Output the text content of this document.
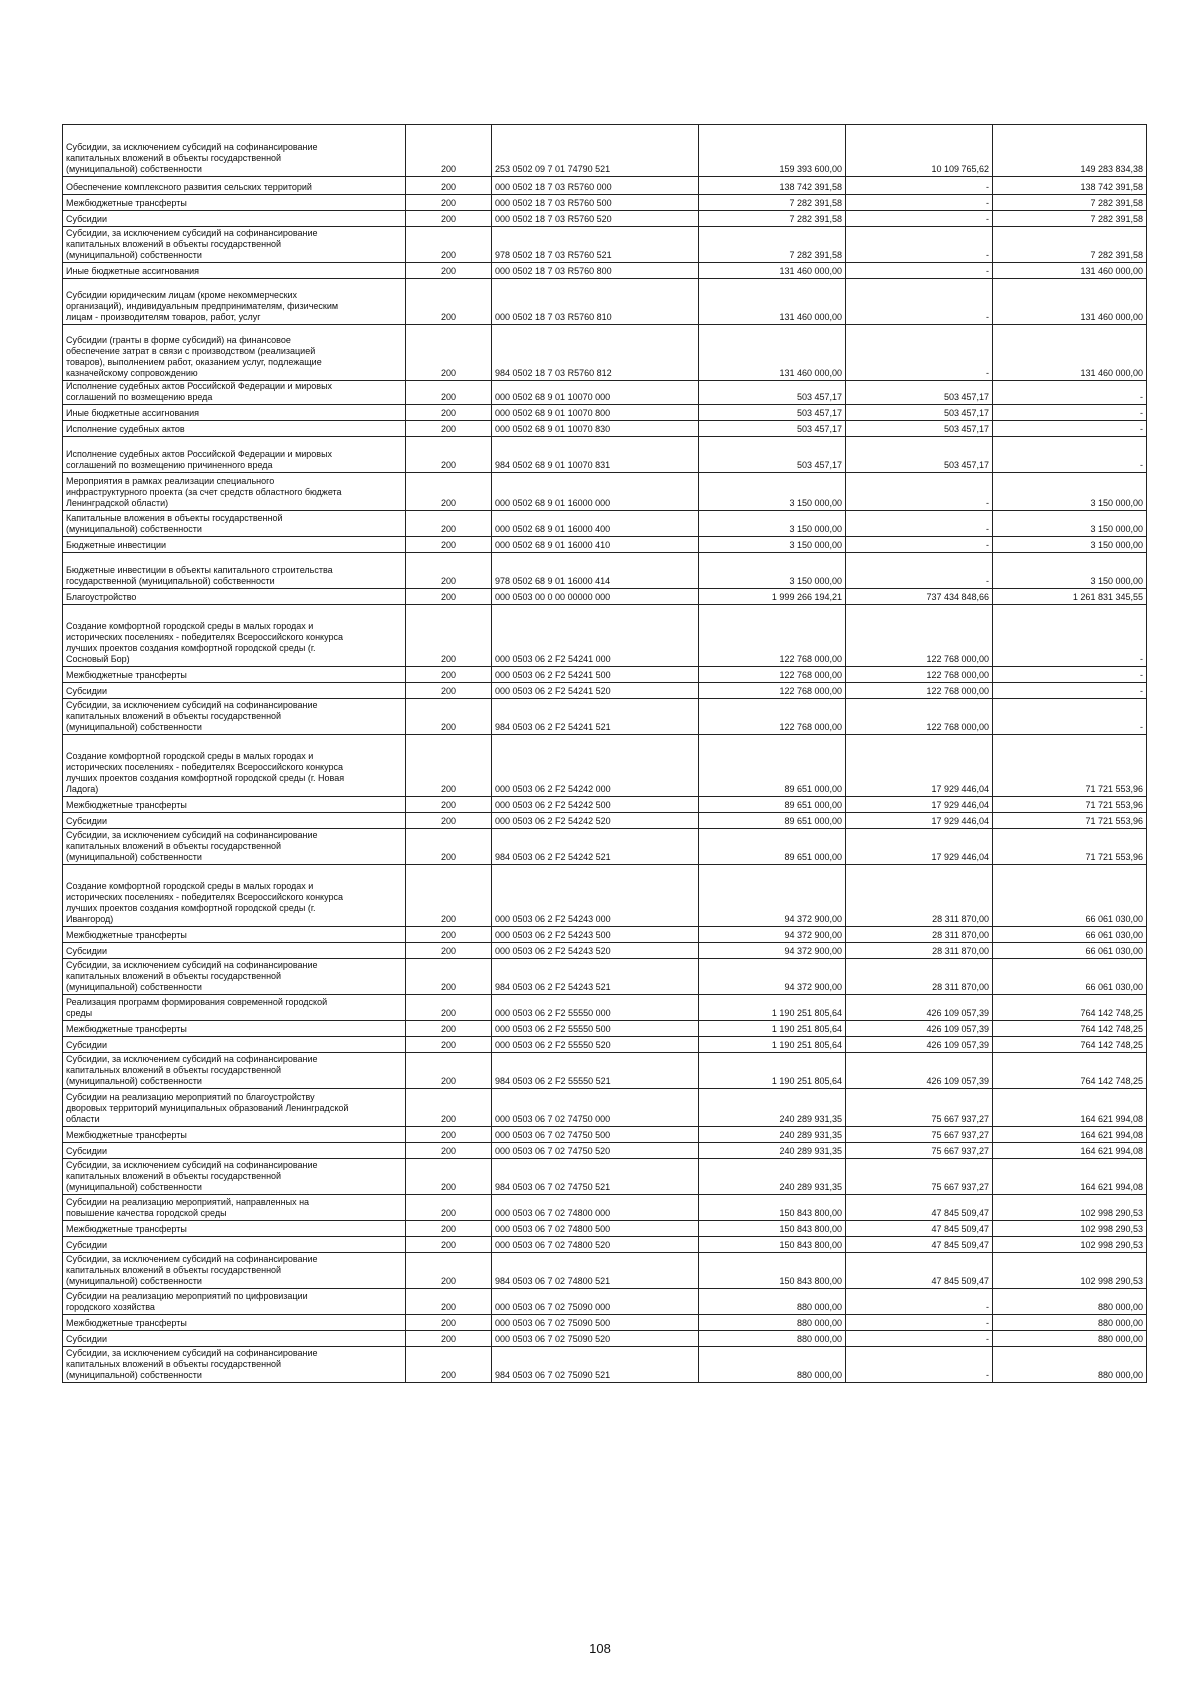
Субсидии, за исключением субсидий на софинансирование
капитальных вложений в объекты государственной
(муниципальной) собственности	200	253 0502 09 7 01 74790 521	159 393 600,00	10 109 765,62	149 283 834,38
Обеспечение комплексного развития сельских территорий	200	000 0502 18 7 03 R5760 000	138 742 391,58	-	138 742 391,58
Межбюджетные трансферты	200	000 0502 18 7 03 R5760 500	7 282 391,58	-	7 282 391,58
Субсидии	200	000 0502 18 7 03 R5760 520	7 282 391,58	-	7 282 391,58
Субсидии, за исключением субсидий на софинансирование
капитальных вложений в объекты государственной
(муниципальной) собственности	200	978 0502 18 7 03 R5760 521	7 282 391,58	-	7 282 391,58
Иные бюджетные ассигнования	200	000 0502 18 7 03 R5760 800	131 460 000,00	-	131 460 000,00
Субсидии юридическим лицам (кроме некоммерческих
организаций), индивидуальным предпринимателям, физическим
лицам - производителям товаров, работ, услуг	200	000 0502 18 7 03 R5760 810	131 460 000,00	-	131 460 000,00
Субсидии (гранты в форме субсидий) на финансовое
обеспечение затрат в связи с производством (реализацией
товаров), выполнением работ, оказанием услуг, подлежащие
казначейскому сопровождению	200	984 0502 18 7 03 R5760 812	131 460 000,00	-	131 460 000,00
Исполнение судебных актов Российской Федерации и мировых
соглашений по возмещению вреда	200	000 0502 68 9 01 10070 000	503 457,17	503 457,17	-
Иные бюджетные ассигнования	200	000 0502 68 9 01 10070 800	503 457,17	503 457,17	-
Исполнение судебных актов	200	000 0502 68 9 01 10070 830	503 457,17	503 457,17	-
Исполнение судебных актов Российской Федерации и мировых
соглашений по возмещению причиненного вреда	200	984 0502 68 9 01 10070 831	503 457,17	503 457,17	-
Мероприятия в рамках реализации специального
инфраструктурного проекта (за счет средств областного бюджета
Ленинградской области)	200	000 0502 68 9 01 16000 000	3 150 000,00	-	3 150 000,00
Капитальные вложения в объекты государственной
(муниципальной) собственности	200	000 0502 68 9 01 16000 400	3 150 000,00	-	3 150 000,00
Бюджетные инвестиции	200	000 0502 68 9 01 16000 410	3 150 000,00	-	3 150 000,00
Бюджетные инвестиции в объекты капитального строительства
государственной (муниципальной) собственности	200	978 0502 68 9 01 16000 414	3 150 000,00	-	3 150 000,00
Благоустройство	200	000 0503 00 0 00 00000 000	1 999 266 194,21	737 434 848,66	1 261 831 345,55
Создание комфортной городской среды в малых городах и
исторических поселениях - победителях Всероссийского конкурса
лучших проектов создания комфортной городской среды (г.
Сосновый Бор)	200	000 0503 06 2 F2 54241 000	122 768 000,00	122 768 000,00	-
Межбюджетные трансферты	200	000 0503 06 2 F2 54241 500	122 768 000,00	122 768 000,00	-
Субсидии	200	000 0503 06 2 F2 54241 520	122 768 000,00	122 768 000,00	-
Субсидии, за исключением субсидий на софинансирование
капитальных вложений в объекты государственной
(муниципальной) собственности	200	984 0503 06 2 F2 54241 521	122 768 000,00	122 768 000,00	-
Создание комфортной городской среды в малых городах и
исторических поселениях - победителях Всероссийского конкурса
лучших проектов создания комфортной городской среды (г. Новая
Ладога)	200	000 0503 06 2 F2 54242 000	89 651 000,00	17 929 446,04	71 721 553,96
Межбюджетные трансферты	200	000 0503 06 2 F2 54242 500	89 651 000,00	17 929 446,04	71 721 553,96
Субсидии	200	000 0503 06 2 F2 54242 520	89 651 000,00	17 929 446,04	71 721 553,96
Субсидии, за исключением субсидий на софинансирование
капитальных вложений в объекты государственной
(муниципальной) собственности	200	984 0503 06 2 F2 54242 521	89 651 000,00	17 929 446,04	71 721 553,96
Создание комфортной городской среды в малых городах и
исторических поселениях - победителях Всероссийского конкурса
лучших проектов создания комфортной городской среды (г.
Ивангород)	200	000 0503 06 2 F2 54243 000	94 372 900,00	28 311 870,00	66 061 030,00
Межбюджетные трансферты	200	000 0503 06 2 F2 54243 500	94 372 900,00	28 311 870,00	66 061 030,00
Субсидии	200	000 0503 06 2 F2 54243 520	94 372 900,00	28 311 870,00	66 061 030,00
Субсидии, за исключением субсидий на софинансирование
капитальных вложений в объекты государственной
(муниципальной) собственности	200	984 0503 06 2 F2 54243 521	94 372 900,00	28 311 870,00	66 061 030,00
Реализация программ формирования современной городской
среды	200	000 0503 06 2 F2 55550 000	1 190 251 805,64	426 109 057,39	764 142 748,25
Межбюджетные трансферты	200	000 0503 06 2 F2 55550 500	1 190 251 805,64	426 109 057,39	764 142 748,25
Субсидии	200	000 0503 06 2 F2 55550 520	1 190 251 805,64	426 109 057,39	764 142 748,25
Субсидии, за исключением субсидий на софинансирование
капитальных вложений в объекты государственной
(муниципальной) собственности	200	984 0503 06 2 F2 55550 521	1 190 251 805,64	426 109 057,39	764 142 748,25
Субсидии на реализацию мероприятий по благоустройству
дворовых территорий муниципальных образований Ленинградской
области	200	000 0503 06 7 02 74750 000	240 289 931,35	75 667 937,27	164 621 994,08
Межбюджетные трансферты	200	000 0503 06 7 02 74750 500	240 289 931,35	75 667 937,27	164 621 994,08
Субсидии	200	000 0503 06 7 02 74750 520	240 289 931,35	75 667 937,27	164 621 994,08
Субсидии, за исключением субсидий на софинансирование
капитальных вложений в объекты государственной
(муниципальной) собственности	200	984 0503 06 7 02 74750 521	240 289 931,35	75 667 937,27	164 621 994,08
Субсидии на реализацию мероприятий, направленных на
повышение качества городской среды	200	000 0503 06 7 02 74800 000	150 843 800,00	47 845 509,47	102 998 290,53
Межбюджетные трансферты	200	000 0503 06 7 02 74800 500	150 843 800,00	47 845 509,47	102 998 290,53
Субсидии	200	000 0503 06 7 02 74800 520	150 843 800,00	47 845 509,47	102 998 290,53
Субсидии, за исключением субсидий на софинансирование
капитальных вложений в объекты государственной
(муниципальной) собственности	200	984 0503 06 7 02 74800 521	150 843 800,00	47 845 509,47	102 998 290,53
Субсидии на реализацию мероприятий по цифровизации
городского хозяйства	200	000 0503 06 7 02 75090 000	880 000,00	-	880 000,00
Межбюджетные трансферты	200	000 0503 06 7 02 75090 500	880 000,00	-	880 000,00
Субсидии	200	000 0503 06 7 02 75090 520	880 000,00	-	880 000,00
Субсидии, за исключением субсидий на софинансирование
капитальных вложений в объекты государственной
(муниципальной) собственности	200	984 0503 06 7 02 75090 521	880 000,00	-	880 000,00
108
